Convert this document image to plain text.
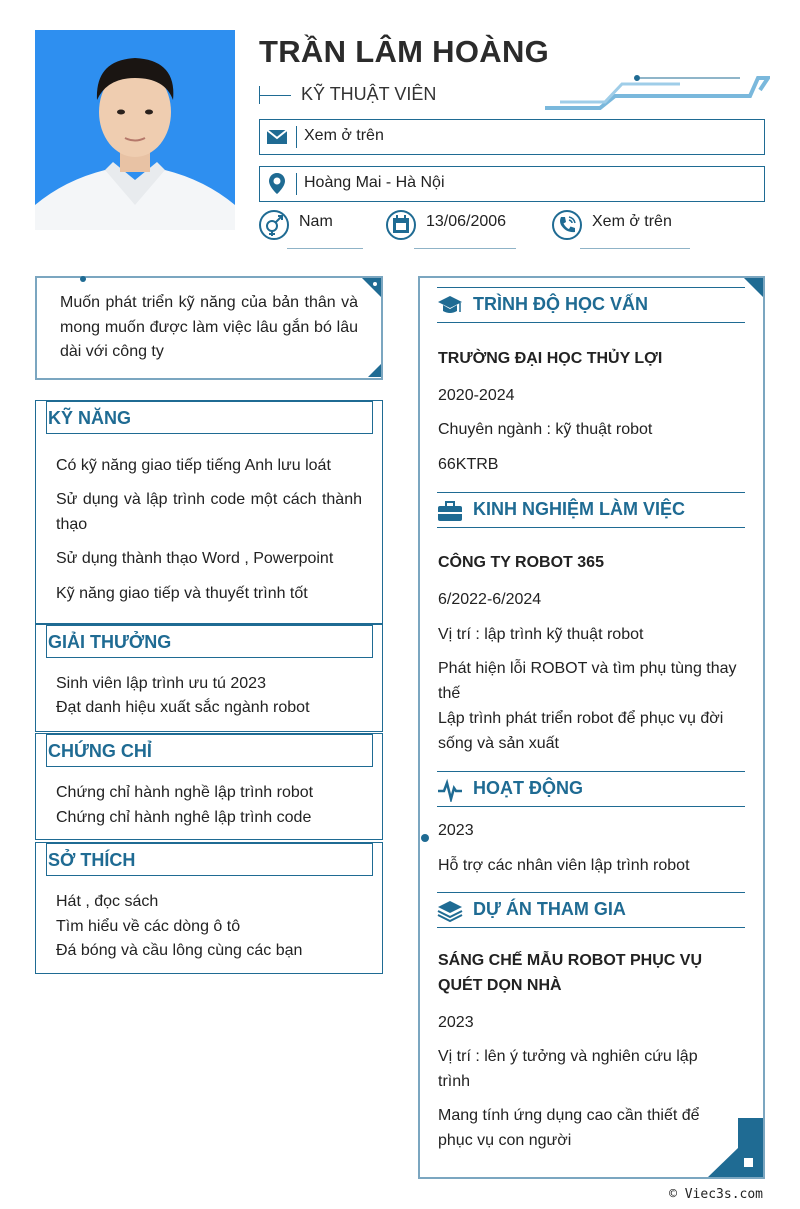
TRẦN LÂM HOÀNG
KỸ THUẬT VIÊN
Xem ở trên
Hoàng Mai - Hà Nội
Nam	13/06/2006	Xem ở trên
Muốn phát triển kỹ năng của bản thân và mong muốn được làm việc lâu gắn bó lâu dài với công ty
KỸ NĂNG
Có kỹ năng giao tiếp tiếng Anh lưu loát
Sử dụng và lập trình code một cách thành thạo
Sử dụng thành thạo Word , Powerpoint
Kỹ năng giao tiếp và thuyết trình tốt
GIẢI THƯỞNG
Sinh viên lập trình ưu tú 2023
Đạt danh hiệu xuất sắc ngành robot
CHỨNG CHỈ
Chứng chỉ hành nghề lập trình robot
Chứng chỉ hành nghê lập trình code
SỞ THÍCH
Hát , đọc sách
Tìm hiểu về các dòng ô tô
Đá bóng và cầu lông cùng các bạn
TRÌNH ĐỘ HỌC VẤN
TRƯỜNG ĐẠI HỌC THỦY LỢI
2020-2024
Chuyên ngành : kỹ thuật robot
66KTRB
KINH NGHIỆM LÀM VIỆC
CÔNG TY ROBOT 365
6/2022-6/2024
Vị trí : lập trình kỹ thuật robot
Phát hiện lỗi ROBOT và tìm phụ tùng thay thế
Lập trình phát triển robot để phục vụ đời sống và sản xuất
HOẠT ĐỘNG
2023
Hỗ trợ các nhân viên lập trình robot
DỰ ÁN THAM GIA
SÁNG CHẾ MẪU ROBOT PHỤC VỤ QUÉT DỌN NHÀ
2023
Vị trí : lên ý tưởng và nghiên cứu lập trình
Mang tính ứng dụng cao cần thiết để phục vụ con người
© Viec3s.com
